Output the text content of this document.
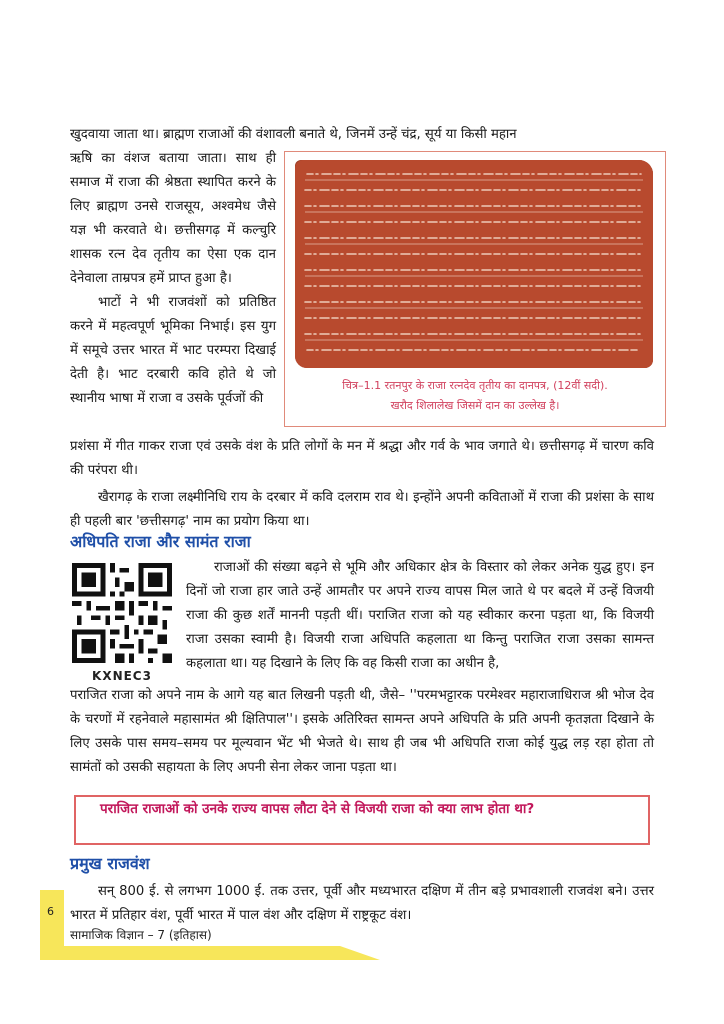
खुदवाया जाता था। ब्राह्मण राजाओं की वंशावली बनाते थे, जिनमें उन्हें चंद्र, सूर्य या किसी महान

ऋषि का वंशज बताया जाता। साथ ही समाज में राजा की श्रेष्ठता स्थापित करने के लिए ब्राह्मण उनसे राजसूय, अश्वमेध जैसे यज्ञ भी करवाते थे। छत्तीसगढ़ में कल्चुरि शासक रत्न देव तृतीय का ऐसा एक दान देनेवाला ताम्रपत्र हमें प्राप्त हुआ है।

भाटों ने भी राजवंशों को प्रतिष्ठित करने में महत्वपूर्ण भूमिका निभाई। इस युग में समूचे उत्तर भारत में भाट परम्परा दिखाई देती है। भाट दरबारी कवि होते थे जो स्थानीय भाषा में राजा व उसके पूर्वजों की

चित्र–1.1 रतनपुर के राजा रत्नदेव तृतीय का दानपत्र, (12वीं सदी).
खरौद शिलालेख जिसमें दान का उल्लेख है।

प्रशंसा में गीत गाकर राजा एवं उसके वंश के प्रति लोगों के मन में श्रद्धा और गर्व के भाव जगाते थे। छत्तीसगढ़ में चारण कवि की परंपरा थी।

खैरागढ़ के राजा लक्ष्मीनिधि राय के दरबार में कवि दलराम राव थे। इन्होंने अपनी कविताओं में राजा की प्रशंसा के साथ ही पहली बार 'छत्तीसगढ़' नाम का प्रयोग किया था।

अधिपति राजा और सामंत राजा
KXNEC3

राजाओं की संख्या बढ़ने से भूमि और अधिकार क्षेत्र के विस्तार को लेकर अनेक युद्ध हुए। इन दिनों जो राजा हार जाते उन्हें आमतौर पर अपने राज्य वापस मिल जाते थे पर बदले में उन्हें विजयी राजा की कुछ शर्तें माननी पड़ती थीं। पराजित राजा को यह स्वीकार करना पड़ता था, कि विजयी राजा उसका स्वामी है। विजयी राजा अधिपति कहलाता था किन्तु पराजित राजा उसका सामन्त कहलाता था। यह दिखाने के लिए कि वह किसी राजा का अधीन है,

पराजित राजा को अपने नाम के आगे यह बात लिखनी पड़ती थी, जैसे– ''परमभट्टारक परमेश्वर महाराजाधिराज श्री भोज देव के चरणों में रहनेवाले महासामंत श्री क्षितिपाल''। इसके अतिरिक्त सामन्त अपने अधिपति के प्रति अपनी कृतज्ञता दिखाने के लिए उसके पास समय–समय पर मूल्यवान भेंट भी भेजते थे। साथ ही जब भी अधिपति राजा कोई युद्ध लड़ रहा होता तो सामंतों को उसकी सहायता के लिए अपनी सेना लेकर जाना पड़ता था।

पराजित राजाओं को उनके राज्य वापस लौटा देने से विजयी राजा को क्या लाभ होता था?
प्रमुख राजवंश

सन् 800 ई. से लगभग 1000 ई. तक उत्तर, पूर्वी और मध्यभारत दक्षिण में तीन बड़े प्रभावशाली राजवंश बने। उत्तर भारत में प्रतिहार वंश, पूर्वी भारत में पाल वंश और दक्षिण में राष्ट्रकूट वंश।

6
सामाजिक विज्ञान – 7 (इतिहास)
